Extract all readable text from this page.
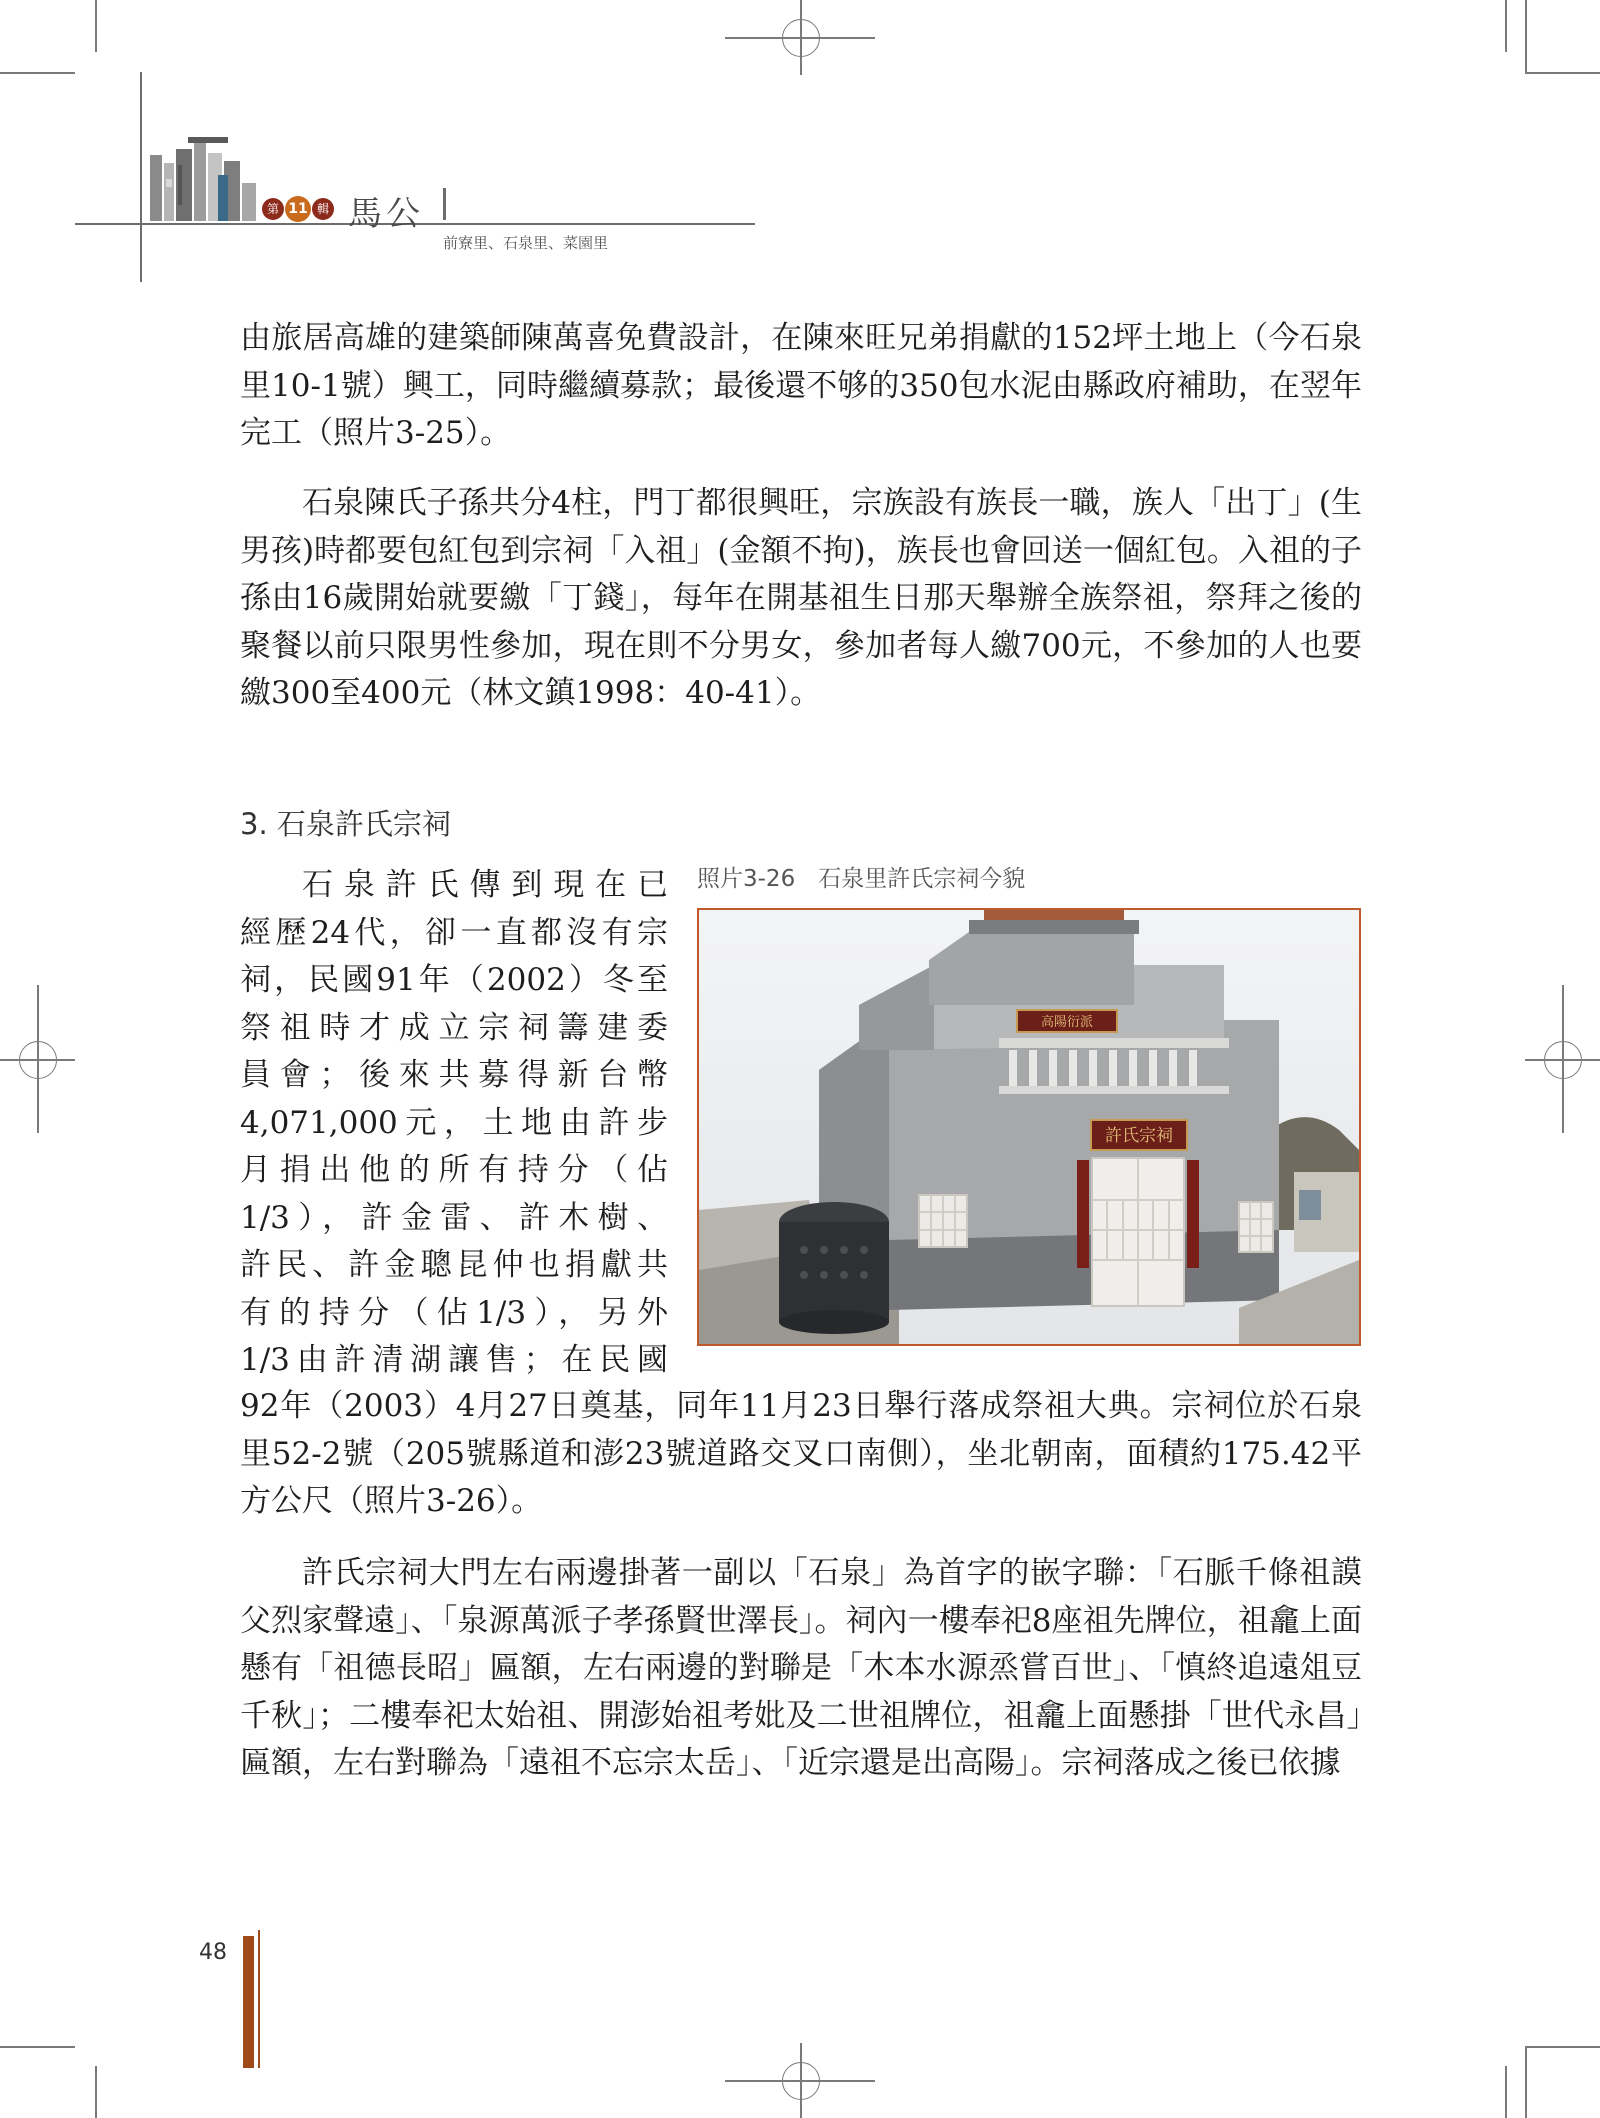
第 11 輯 馬公
前寮里、石泉里、菜園里

由旅居高雄的建築師陳萬喜免費設計，在陳來旺兄弟捐獻的152坪土地上（今石泉里10-1號）興工，同時繼續募款；最後還不够的350包水泥由縣政府補助，在翌年完工（照片3-25）。

石泉陳氏子孫共分4柱，門丁都很興旺，宗族設有族長一職，族人「出丁」(生男孩)時都要包紅包到宗祠「入祖」(金額不拘)，族長也會回送一個紅包。入祖的子孫由16歲開始就要繳「丁錢」，每年在開基祖生日那天舉辦全族祭祖，祭拜之後的聚餐以前只限男性參加，現在則不分男女，參加者每人繳700元，不參加的人也要繳300至400元（林文鎮1998：40-41）。

3. 石泉許氏宗祠
石泉許氏傳到現在已
經歷24代，卻一直都沒有宗
祠，民國91年（2002）冬至
祭祖時才成立宗祠籌建委
員會；後來共募得新台幣
4,071,000元，土地由許步
月捐出他的所有持分（佔
1/3），許金雷、許木樹、
許民、許金聰昆仲也捐獻共
有的持分（佔1/3），另外
1/3由許清湖讓售；在民國
照片3-26　石泉里許氏宗祠今貌
高陽衍派
許氏宗祠

92年（2003）4月27日奠基，同年11月23日舉行落成祭祖大典。宗祠位於石泉里52-2號（205號縣道和澎23號道路交叉口南側），坐北朝南，面積約175.42平方公尺（照片3-26）。

許氏宗祠大門左右兩邊掛著一副以「石泉」為首字的嵌字聯：「石脈千條祖謨父烈家聲遠」、「泉源萬派子孝孫賢世澤長」。祠內一樓奉祀8座祖先牌位，祖龕上面懸有「祖德長昭」匾額，左右兩邊的對聯是「木本水源烝嘗百世」、「慎終追遠俎豆千秋」；二樓奉祀太始祖、開澎始祖考妣及二世祖牌位，祖龕上面懸掛「世代永昌」匾額，左右對聯為「遠祖不忘宗太岳」、「近宗還是出高陽」。宗祠落成之後已依據

48
